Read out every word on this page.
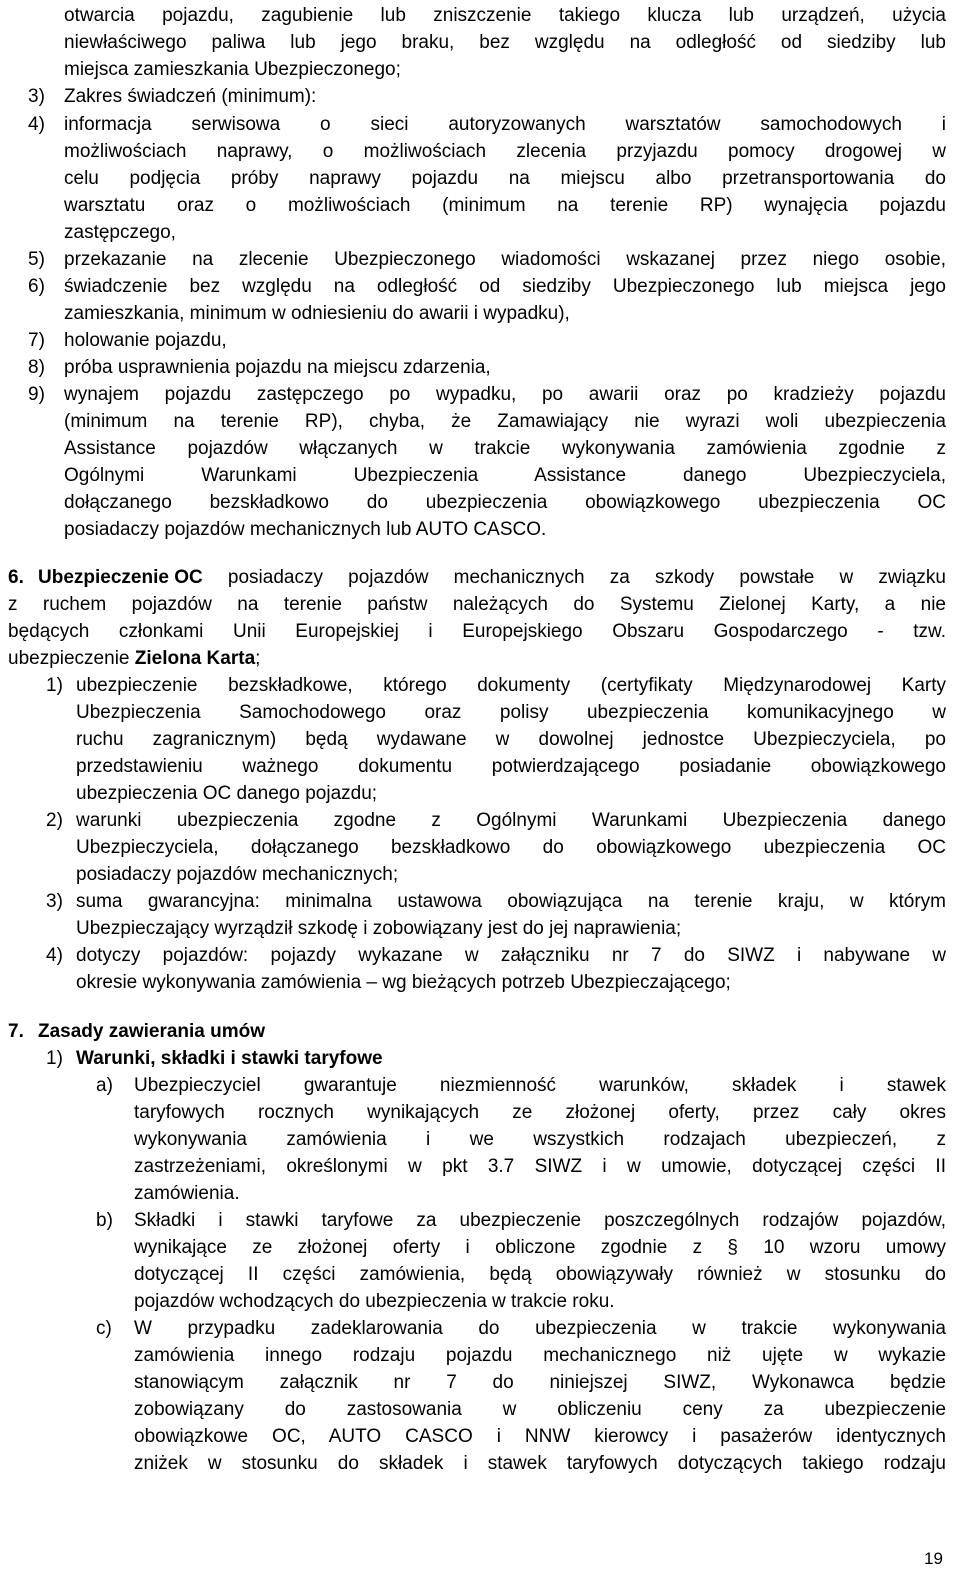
otwarcia pojazdu, zagubienie lub zniszczenie takiego klucza lub urządzeń, użycia
niewłaściwego paliwa lub jego braku, bez względu na odległość od siedziby lub
miejsca zamieszkania Ubezpieczonego;
3) Zakres świadczeń (minimum):
4) informacja serwisowa o sieci autoryzowanych warsztatów samochodowych i
możliwościach naprawy, o możliwościach zlecenia przyjazdu pomocy drogowej w
celu podjęcia próby naprawy pojazdu na miejscu albo przetransportowania do
warsztatu oraz o możliwościach (minimum na terenie RP) wynajęcia pojazdu
zastępczego,
5) przekazanie na zlecenie Ubezpieczonego wiadomości wskazanej przez niego osobie,
6) świadczenie bez względu na odległość od siedziby Ubezpieczonego lub miejsca jego
zamieszkania, minimum w odniesieniu do awarii i wypadku),
7) holowanie pojazdu,
8) próba usprawnienia pojazdu na miejscu zdarzenia,
9) wynajem pojazdu zastępczego po wypadku, po awarii oraz po kradzieży pojazdu
(minimum na terenie RP), chyba, że Zamawiający nie wyrazi woli ubezpieczenia
Assistance pojazdów włączanych w trakcie wykonywania zamówienia zgodnie z
Ogólnymi Warunkami Ubezpieczenia Assistance danego Ubezpieczyciela,
dołączanego bezskładkowo do ubezpieczenia obowiązkowego ubezpieczenia OC
posiadaczy pojazdów mechanicznych lub AUTO CASCO.
6. Ubezpieczenie OC posiadaczy pojazdów mechanicznych za szkody powstałe w związku
z ruchem pojazdów na terenie państw należących do Systemu Zielonej Karty, a nie
będących członkami Unii Europejskiej i Europejskiego Obszaru Gospodarczego - tzw.
ubezpieczenie Zielona Karta;
1) ubezpieczenie bezskładkowe, którego dokumenty (certyfikaty Międzynarodowej Karty
Ubezpieczenia Samochodowego oraz polisy ubezpieczenia komunikacyjnego w
ruchu zagranicznym) będą wydawane w dowolnej jednostce Ubezpieczyciela, po
przedstawieniu ważnego dokumentu potwierdzającego posiadanie obowiązkowego
ubezpieczenia OC danego pojazdu;
2) warunki ubezpieczenia zgodne z Ogólnymi Warunkami Ubezpieczenia danego
Ubezpieczyciela, dołączanego bezskładkowo do obowiązkowego ubezpieczenia OC
posiadaczy pojazdów mechanicznych;
3) suma gwarancyjna: minimalna ustawowa obowiązująca na terenie kraju, w którym
Ubezpieczający wyrządził szkodę i zobowiązany jest do jej naprawienia;
4) dotyczy pojazdów: pojazdy wykazane w załączniku nr 7 do SIWZ i nabywane w
okresie wykonywania zamówienia – wg bieżących potrzeb Ubezpieczającego;
7. Zasady zawierania umów
1) Warunki, składki i stawki taryfowe
a) Ubezpieczyciel gwarantuje niezmienność warunków, składek i stawek
taryfowych rocznych wynikających ze złożonej oferty, przez cały okres
wykonywania zamówienia i we wszystkich rodzajach ubezpieczeń, z
zastrzeżeniami, określonymi w pkt 3.7 SIWZ i w umowie, dotyczącej części II
zamówienia.
b) Składki i stawki taryfowe za ubezpieczenie poszczególnych rodzajów pojazdów,
wynikające ze złożonej oferty i obliczone zgodnie z § 10 wzoru umowy
dotyczącej II części zamówienia, będą obowiązywały również w stosunku do
pojazdów wchodzących do ubezpieczenia w trakcie roku.
c) W przypadku zadeklarowania do ubezpieczenia w trakcie wykonywania
zamówienia innego rodzaju pojazdu mechanicznego niż ujęte w wykazie
stanowiącym załącznik nr 7 do niniejszej SIWZ, Wykonawca będzie
zobowiązany do zastosowania w obliczeniu ceny za ubezpieczenie
obowiązkowe OC, AUTO CASCO i NNW kierowcy i pasażerów identycznych
zniżek w stosunku do składek i stawek taryfowych dotyczących takiego rodzaju
19
